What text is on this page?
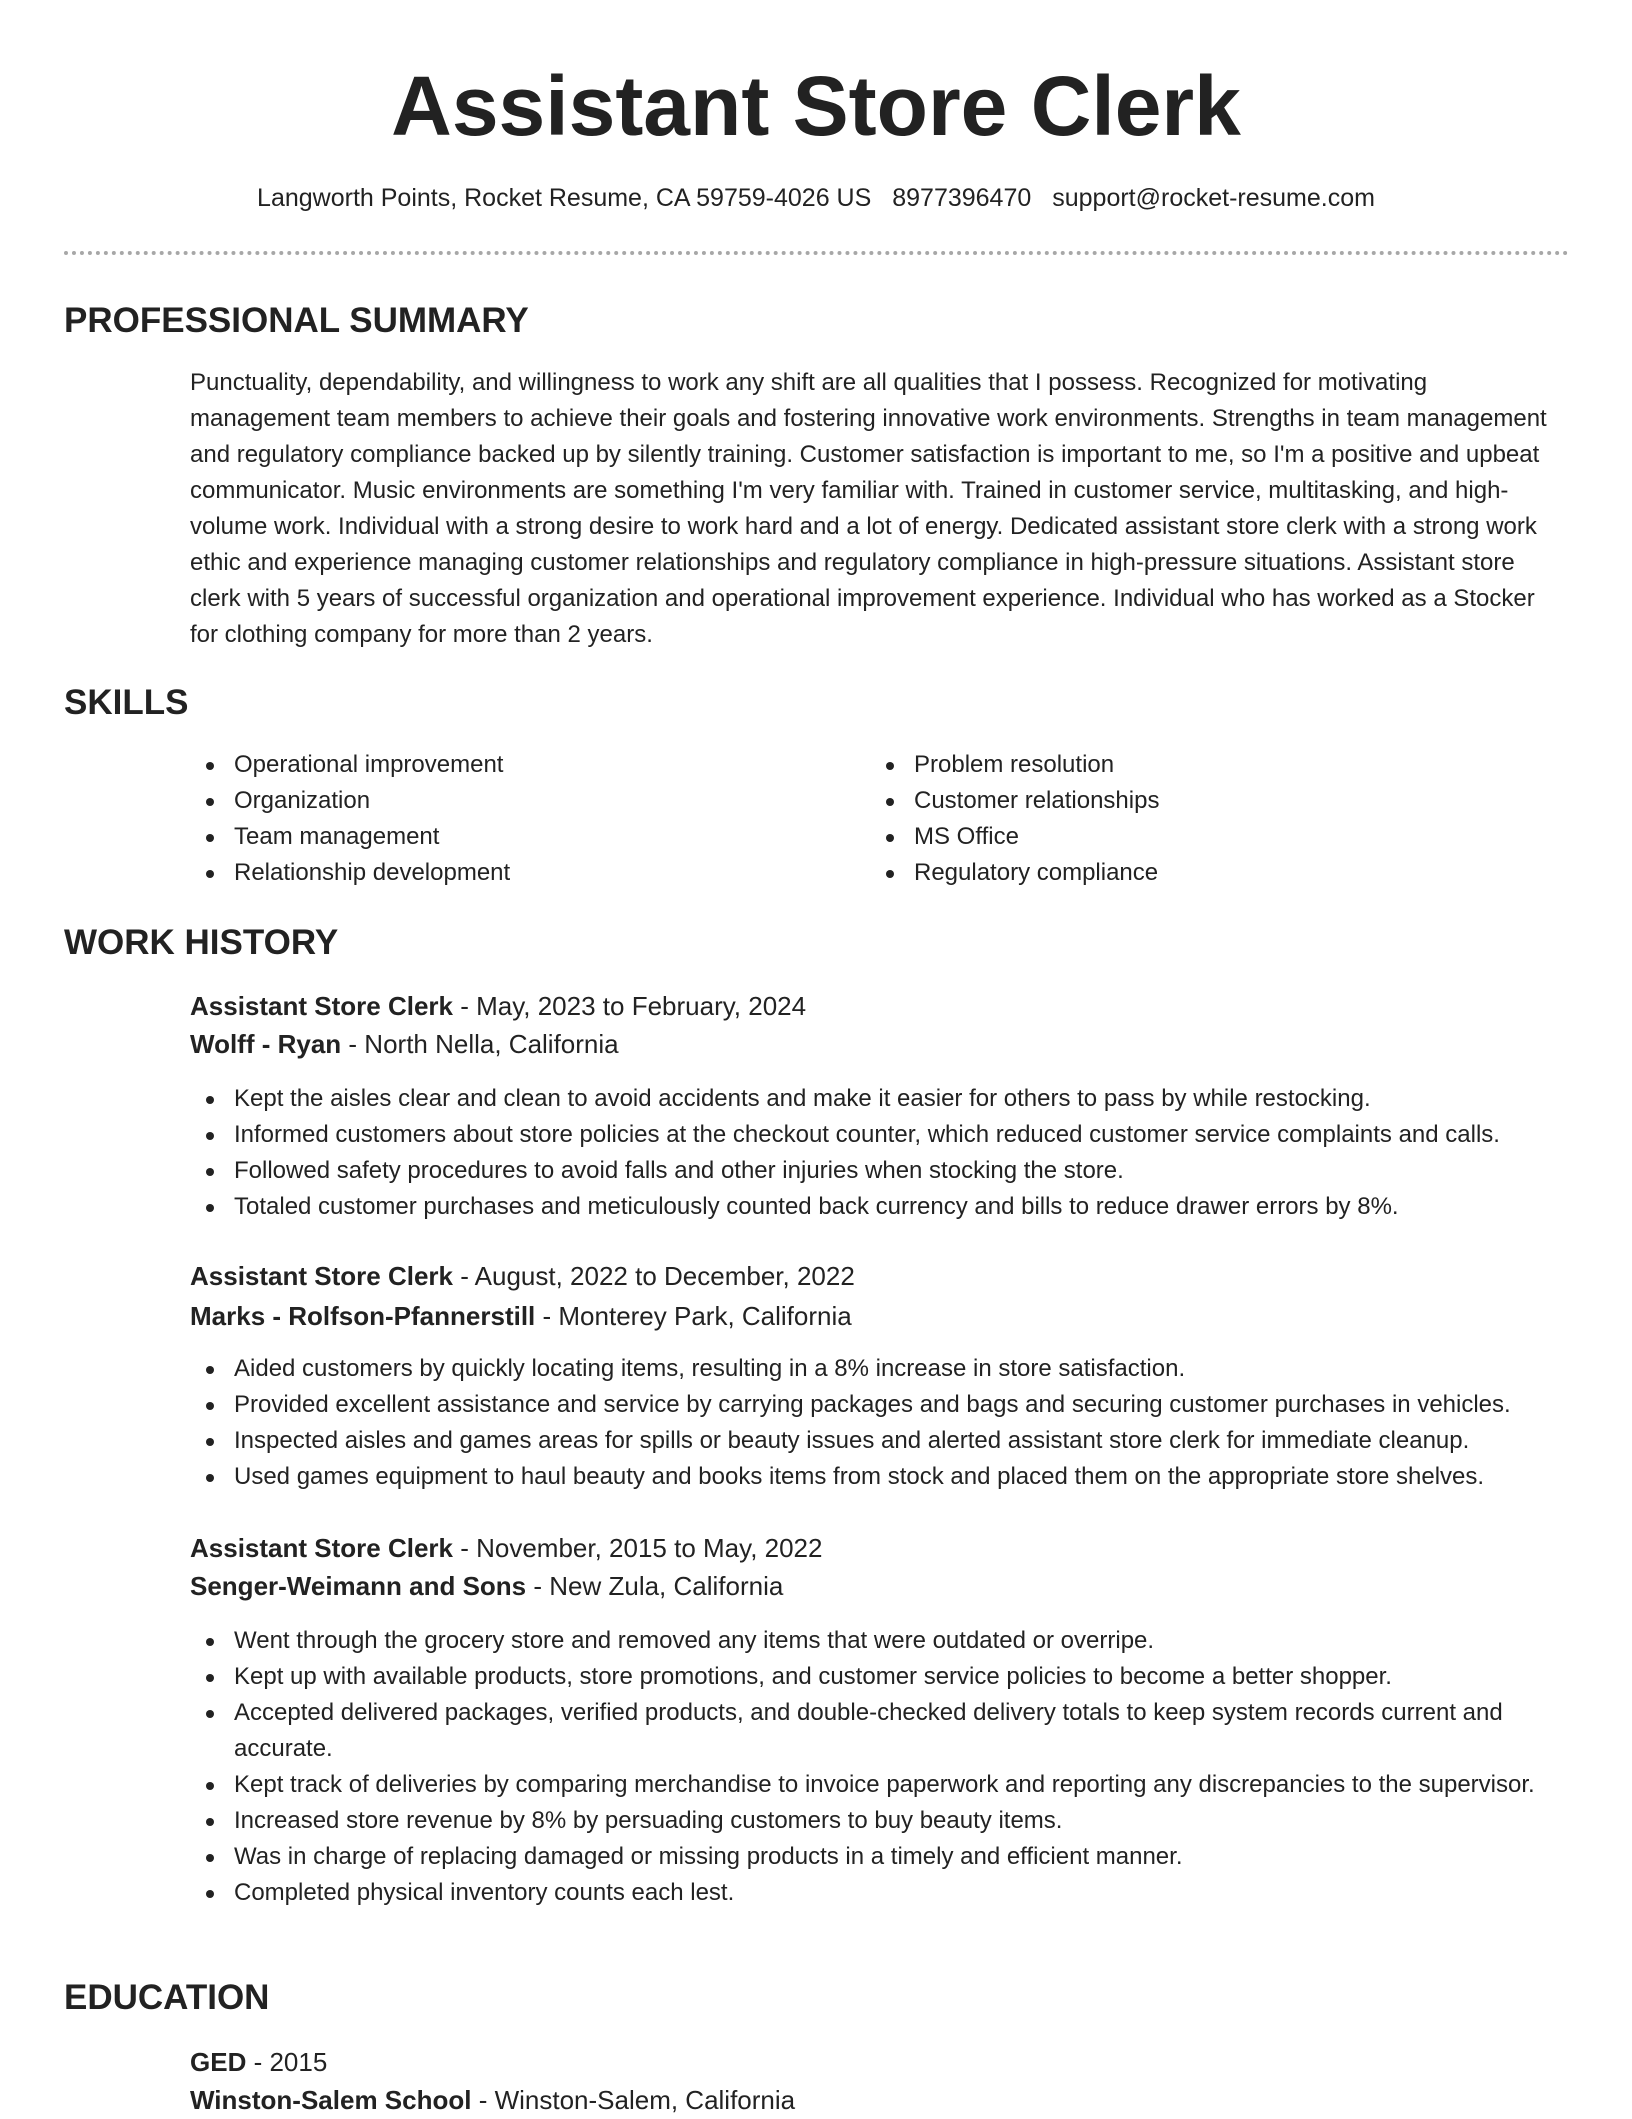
Assistant Store Clerk
Langworth Points, Rocket Resume, CA 59759-4026 US 8977396470 support@rocket-resume.com
PROFESSIONAL SUMMARY

Punctuality, dependability, and willingness to work any shift are all qualities that I possess. Recognized for motivating management team members to achieve their goals and fostering innovative work environments. Strengths in team management and regulatory compliance backed up by silently training. Customer satisfaction is important to me, so I'm a positive and upbeat communicator. Music environments are something I'm very familiar with. Trained in customer service, multitasking, and high-volume work. Individual with a strong desire to work hard and a lot of energy. Dedicated assistant store clerk with a strong work ethic and experience managing customer relationships and regulatory compliance in high-pressure situations. Assistant store clerk with 5 years of successful organization and operational improvement experience. Individual who has worked as a Stocker for clothing company for more than 2 years.

SKILLS
Operational improvement
Organization
Team management
Relationship development
Problem resolution
Customer relationships
MS Office
Regulatory compliance
WORK HISTORY
Assistant Store Clerk - May, 2023 to February, 2024
Wolff - Ryan - North Nella, California
Kept the aisles clear and clean to avoid accidents and make it easier for others to pass by while restocking.
Informed customers about store policies at the checkout counter, which reduced customer service complaints and calls.
Followed safety procedures to avoid falls and other injuries when stocking the store.
Totaled customer purchases and meticulously counted back currency and bills to reduce drawer errors by 8%.
Assistant Store Clerk - August, 2022 to December, 2022
Marks - Rolfson-Pfannerstill - Monterey Park, California
Aided customers by quickly locating items, resulting in a 8% increase in store satisfaction.
Provided excellent assistance and service by carrying packages and bags and securing customer purchases in vehicles.
Inspected aisles and games areas for spills or beauty issues and alerted assistant store clerk for immediate cleanup.
Used games equipment to haul beauty and books items from stock and placed them on the appropriate store shelves.
Assistant Store Clerk - November, 2015 to May, 2022
Senger-Weimann and Sons - New Zula, California
Went through the grocery store and removed any items that were outdated or overripe.
Kept up with available products, store promotions, and customer service policies to become a better shopper.
Accepted delivered packages, verified products, and double-checked delivery totals to keep system records current and accurate.
Kept track of deliveries by comparing merchandise to invoice paperwork and reporting any discrepancies to the supervisor.
Increased store revenue by 8% by persuading customers to buy beauty items.
Was in charge of replacing damaged or missing products in a timely and efficient manner.
Completed physical inventory counts each lest.
EDUCATION
GED - 2015
Winston-Salem School - Winston-Salem, California
